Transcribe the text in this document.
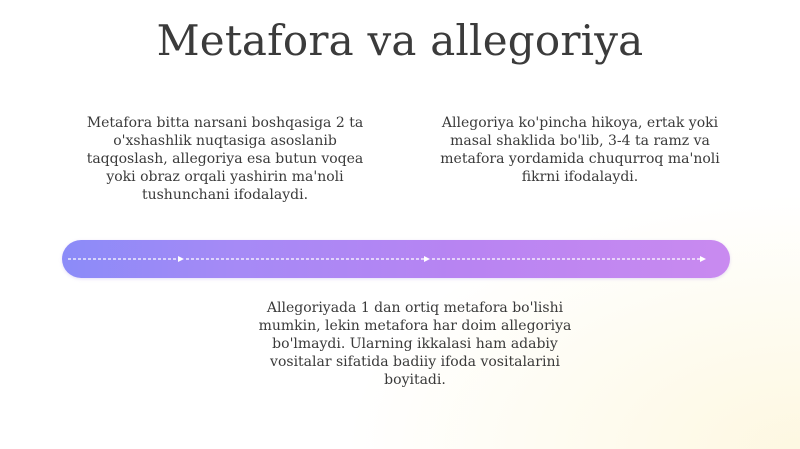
Metafora va allegoriya
Metafora bitta narsani boshqasiga 2 ta o'xshashlik nuqtasiga asoslanib taqqoslash, allegoriya esa butun voqea yoki obraz orqali yashirin ma'noli tushunchani ifodalaydi.
Allegoriya ko'pincha hikoya, ertak yoki masal shaklida bo'lib, 3-4 ta ramz va metafora yordamida chuqurroq ma'noli fikrni ifodalaydi.
Allegoriyada 1 dan ortiq metafora bo'lishi mumkin, lekin metafora har doim allegoriya bo'lmaydi. Ularning ikkalasi ham adabiy vositalar sifatida badiiy ifoda vositalarini boyitadi.
